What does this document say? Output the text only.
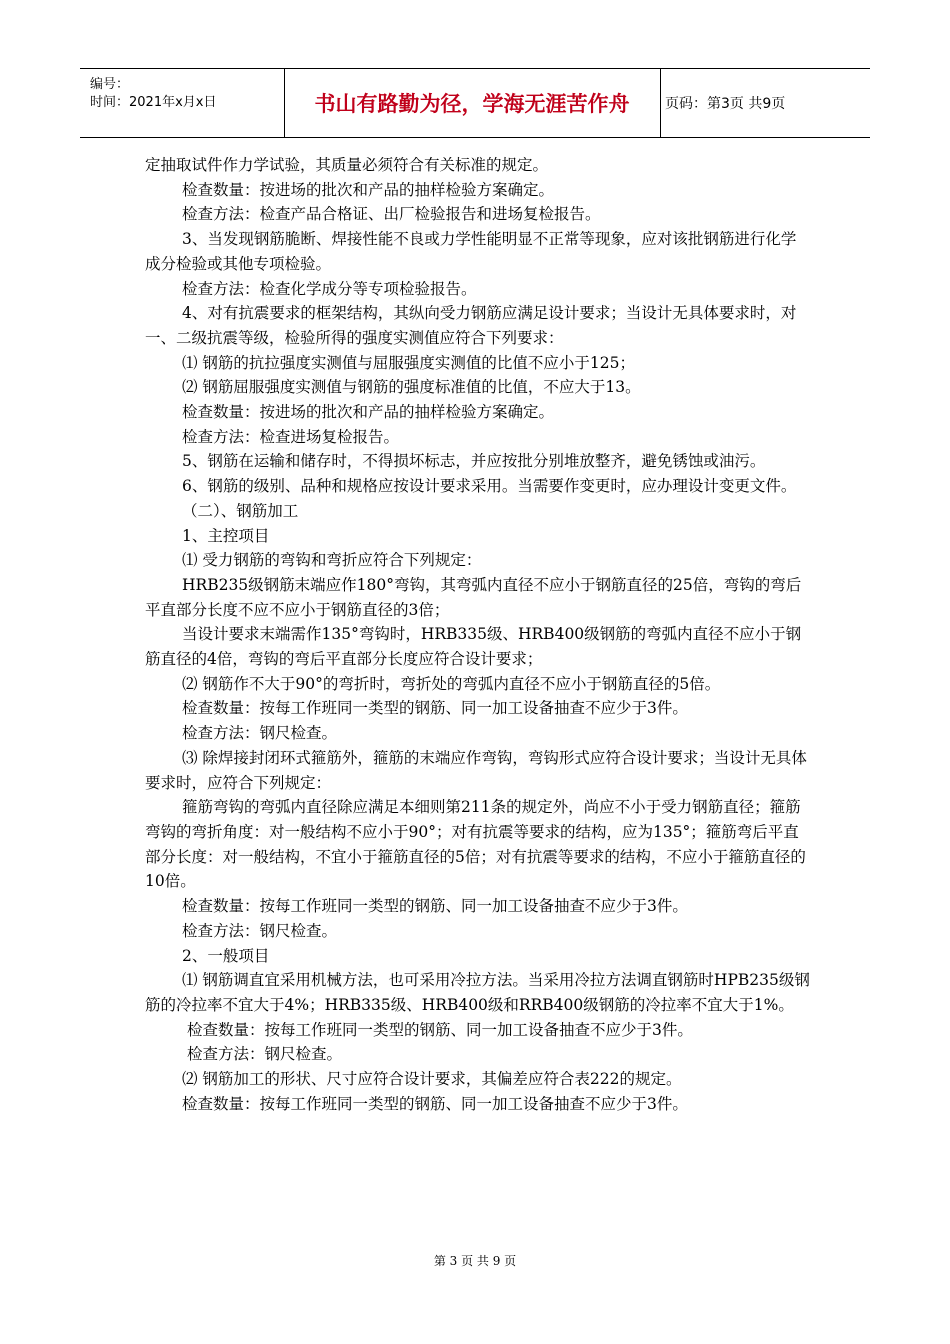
编号：
时间：2021年x月x日	书山有路勤为径，学海无涯苦作舟	页码：第3页 共9页

定抽取试件作力学试验，其质量必须符合有关标准的规定。

检查数量：按进场的批次和产品的抽样检验方案确定。

检查方法：检查产品合格证、出厂检验报告和进场复检报告。

3、当发现钢筋脆断、焊接性能不良或力学性能明显不正常等现象，应对该批钢筋进行化学成分检验或其他专项检验。

检查方法：检查化学成分等专项检验报告。

4、对有抗震要求的框架结构，其纵向受力钢筋应满足设计要求；当设计无具体要求时，对一、二级抗震等级，检验所得的强度实测值应符合下列要求：

⑴ 钢筋的抗拉强度实测值与屈服强度实测值的比值不应小于125；

⑵ 钢筋屈服强度实测值与钢筋的强度标准值的比值，不应大于13。

检查数量：按进场的批次和产品的抽样检验方案确定。

检查方法：检查进场复检报告。

5、钢筋在运输和储存时，不得损坏标志，并应按批分别堆放整齐，避免锈蚀或油污。

6、钢筋的级别、品种和规格应按设计要求采用。当需要作变更时，应办理设计变更文件。

（二）、钢筋加工

1、主控项目

⑴ 受力钢筋的弯钩和弯折应符合下列规定：

HRB235级钢筋末端应作180°弯钩，其弯弧内直径不应小于钢筋直径的25倍，弯钩的弯后平直部分长度不应不应小于钢筋直径的3倍；

当设计要求末端需作135°弯钩时，HRB335级、HRB400级钢筋的弯弧内直径不应小于钢筋直径的4倍，弯钩的弯后平直部分长度应符合设计要求；

⑵ 钢筋作不大于90°的弯折时，弯折处的弯弧内直径不应小于钢筋直径的5倍。

检查数量：按每工作班同一类型的钢筋、同一加工设备抽查不应少于3件。

检查方法：钢尺检查。

⑶ 除焊接封闭环式箍筋外，箍筋的末端应作弯钩，弯钩形式应符合设计要求；当设计无具体要求时，应符合下列规定：

箍筋弯钩的弯弧内直径除应满足本细则第211条的规定外，尚应不小于受力钢筋直径；箍筋弯钩的弯折角度：对一般结构不应小于90°；对有抗震等要求的结构，应为135°；箍筋弯后平直部分长度：对一般结构，不宜小于箍筋直径的5倍；对有抗震等要求的结构，不应小于箍筋直径的10倍。

检查数量：按每工作班同一类型的钢筋、同一加工设备抽查不应少于3件。

检查方法：钢尺检查。

2、一般项目

⑴ 钢筋调直宜采用机械方法，也可采用冷拉方法。当采用冷拉方法调直钢筋时HPB235级钢筋的冷拉率不宜大于4%；HRB335级、HRB400级和RRB400级钢筋的冷拉率不宜大于1%。

检查数量：按每工作班同一类型的钢筋、同一加工设备抽查不应少于3件。

检查方法：钢尺检查。

⑵ 钢筋加工的形状、尺寸应符合设计要求，其偏差应符合表222的规定。

检查数量：按每工作班同一类型的钢筋、同一加工设备抽查不应少于3件。

第 3 页 共 9 页
